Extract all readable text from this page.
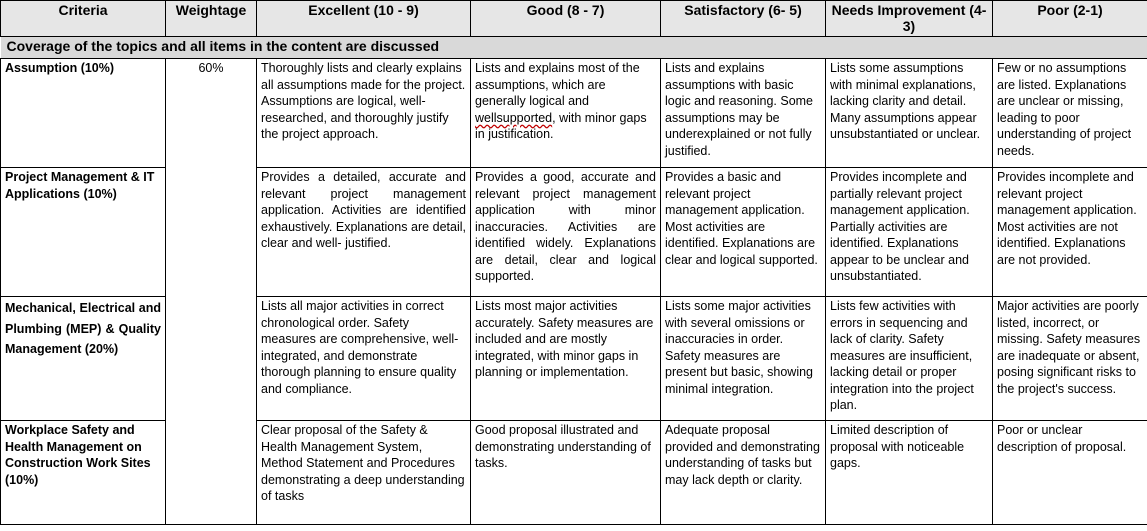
Criteria	Weightage	Excellent (10 - 9)	Good (8 - 7)	Satisfactory (6- 5)	Needs Improvement (4-3)	Poor (2-1)
Coverage of the topics and all items in the content are discussed						
Assumption (10%)	60%	Thoroughly lists and clearly explains all assumptions made for the project. Assumptions are logical, well-researched, and thoroughly justify the project approach.	Lists and explains most of the assumptions, which are generally logical and wellsupported, with minor gaps in justification.	Lists and explains assumptions with basic logic and reasoning. Some assumptions may be underexplained or not fully justified.	Lists some assumptions with minimal explanations, lacking clarity and detail. Many assumptions appear unsubstantiated or unclear.	Few or no assumptions are listed. Explanations are unclear or missing, leading to poor understanding of project needs.
Project Management & IT Applications (10%)		Provides a detailed, accurate and relevant project management application. Activities are identified exhaustively. Explanations are detail, clear and well- justified.	Provides a good, accurate and relevant project management application with minor inaccuracies. Activities are identified widely. Explanations are detail, clear and logical supported.	Provides a basic and relevant project management application. Most activities are identified. Explanations are clear and logical supported.	Provides incomplete and partially relevant project management application. Partially activities are identified. Explanations appear to be unclear and unsubstantiated.	Provides incomplete and relevant project management application. Most activities are not identified. Explanations are not provided.
Mechanical, Electrical and Plumbing (MEP) & Quality Management (20%)		Lists all major activities in correct chronological order. Safety measures are comprehensive, well-integrated, and demonstrate thorough planning to ensure quality and compliance.	Lists most major activities accurately. Safety measures are included and are mostly integrated, with minor gaps in planning or implementation.	Lists some major activities with several omissions or inaccuracies in order. Safety measures are present but basic, showing minimal integration.	Lists few activities with errors in sequencing and lack of clarity. Safety measures are insufficient, lacking detail or proper integration into the project plan.	Major activities are poorly listed, incorrect, or missing. Safety measures are inadequate or absent, posing significant risks to the project's success.
Workplace Safety and Health Management on Construction Work Sites (10%)		Clear proposal of the Safety & Health Management System, Method Statement and Procedures demonstrating a deep understanding of tasks	Good proposal illustrated and demonstrating understanding of tasks.	Adequate proposal provided and demonstrating understanding of tasks but may lack depth or clarity.	Limited description of proposal with noticeable gaps.	Poor or unclear description of proposal.
